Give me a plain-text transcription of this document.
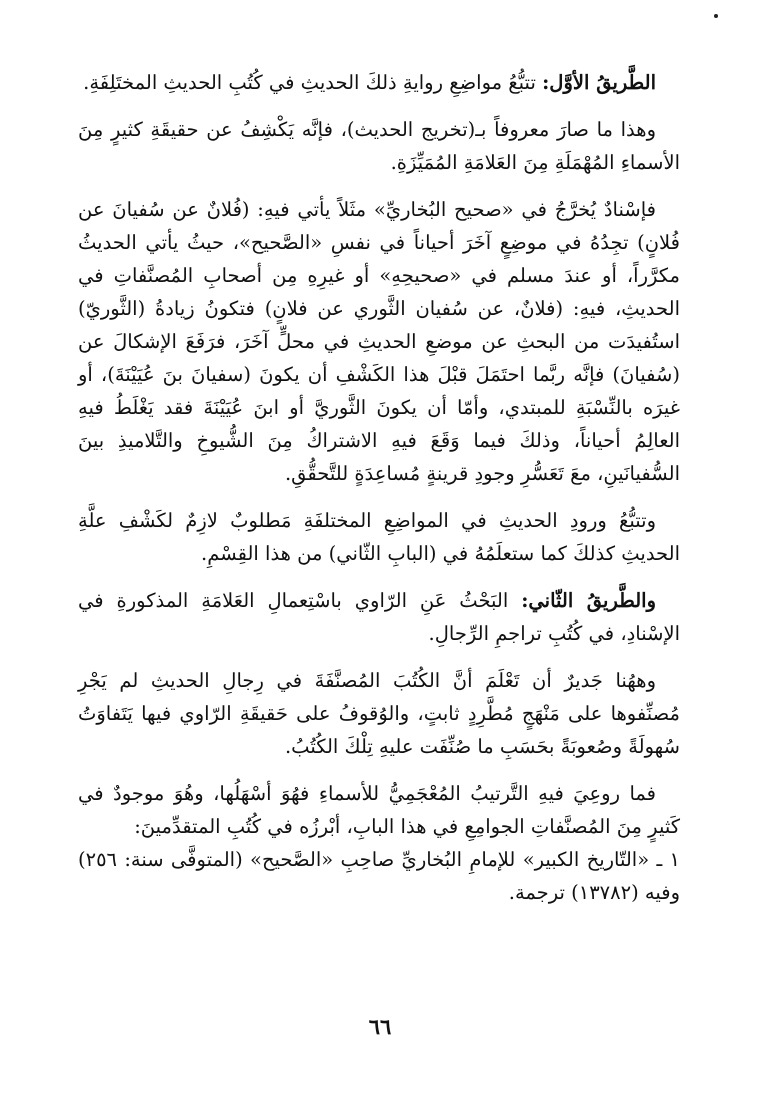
الطَّريقُ الأوَّل: تتبُّعُ مواضِعِ روايةِ ذلكَ الحديثِ في كُتُبِ الحديثِ المختَلِفَةِ.

وهذا ما صارَ معروفاً بـ(تخريج الحديث)، فإنَّه يَكْشِفُ عن حقيقَةِ كثيرٍ مِنَ الأسماءِ المُهْمَلَةِ مِنَ العَلامَةِ المُمَيِّزَةِ.

فإسْنادٌ يُخرَّجُ في «صحيح البُخاريِّ» مثَلاً يأتي فيهِ: (فُلانٌ عن سُفيانَ عن فُلانٍ) تجِدُهُ في موضِعٍ آخَرَ أحياناً في نفسِ «الصَّحيح»، حيثُ يأتي الحديثُ مكرَّراً، أو عندَ مسلم في «صحيحِهِ» أو غيرِهِ مِن أصحابِ المُصنَّفاتِ في الحديثِ، فيهِ: (فلانٌ، عن سُفيان الثَّوري عن فلانٍ) فتكونُ زيادةُ (الثَّوريّ) استُفيدَت من البحثِ عن موضعِ الحديثِ في محلٍّ آخَرَ، فرَفَعَ الإشكالَ عن (سُفيانَ) فإنَّه ربَّما احتَمَلَ قبْلَ هذا الكَشْفِ أن يكونَ (سفيانَ بنَ عُيَيْنَةَ)، أو غيرَه بالنِّسْبَةِ للمبتدي، وأمّا أن يكونَ الثَّوريَّ أو ابنَ عُيَيْنَةَ فقد يَغْلَطُ فيهِ العالِمُ أحياناً، وذلكَ فيما وَقَعَ فيهِ الاشتراكُ مِنَ الشُّيوخِ والتَّلاميذِ بينَ السُّفيانَينِ، معَ تَعَسُّرِ وجودِ قرينةٍ مُساعِدَةٍ للتَّحقُّقِ.

وتتبُّعُ ورودِ الحديثِ في المواضِعِ المختلفَةِ مَطلوبٌ لازِمٌ لكَشْفِ علَّةِ الحديثِ كذلكَ كما ستعلَمُهُ في (البابِ الثّاني) من هذا القِسْمِ.

والطَّريقُ الثّاني: البَحْثُ عَنِ الرّاوي باسْتِعمالِ العَلامَةِ المذكورةِ في الإسْنادِ، في كُتُبِ تراجمِ الرِّجالِ.

وههُنا جَديرٌ أن تَعْلَمَ أنَّ الكُتُبَ المُصنَّفَةَ في رِجالِ الحديثِ لم يَجْرِ مُصنِّفوها على مَنْهَجٍ مُطَّرِدٍ ثابتٍ، والوُقوفُ على حَقيقَةِ الرّاوي فيها يَتَفاوَتُ سُهولَةً وصُعوبَةً بحَسَبِ ما صُنِّفَت عليهِ تِلْكَ الكُتُبُ.

فما روعِيَ فيهِ التَّرتيبُ المُعْجَمِيُّ للأسماءِ فهُوَ أسْهَلُها، وهُوَ موجودٌ في كَثيرٍ مِنَ المُصنَّفاتِ الجوامِعِ في هذا البابِ، أبْرزُه في كُتُبِ المتقدِّمينَ:

١ ـ «التّاريخ الكبير» للإمامِ البُخاريِّ صاحِبِ «الصَّحيح» (المتوفَّى سنة: ٢٥٦) وفيه (١٣٧٨٢) ترجمة.

٦٦
